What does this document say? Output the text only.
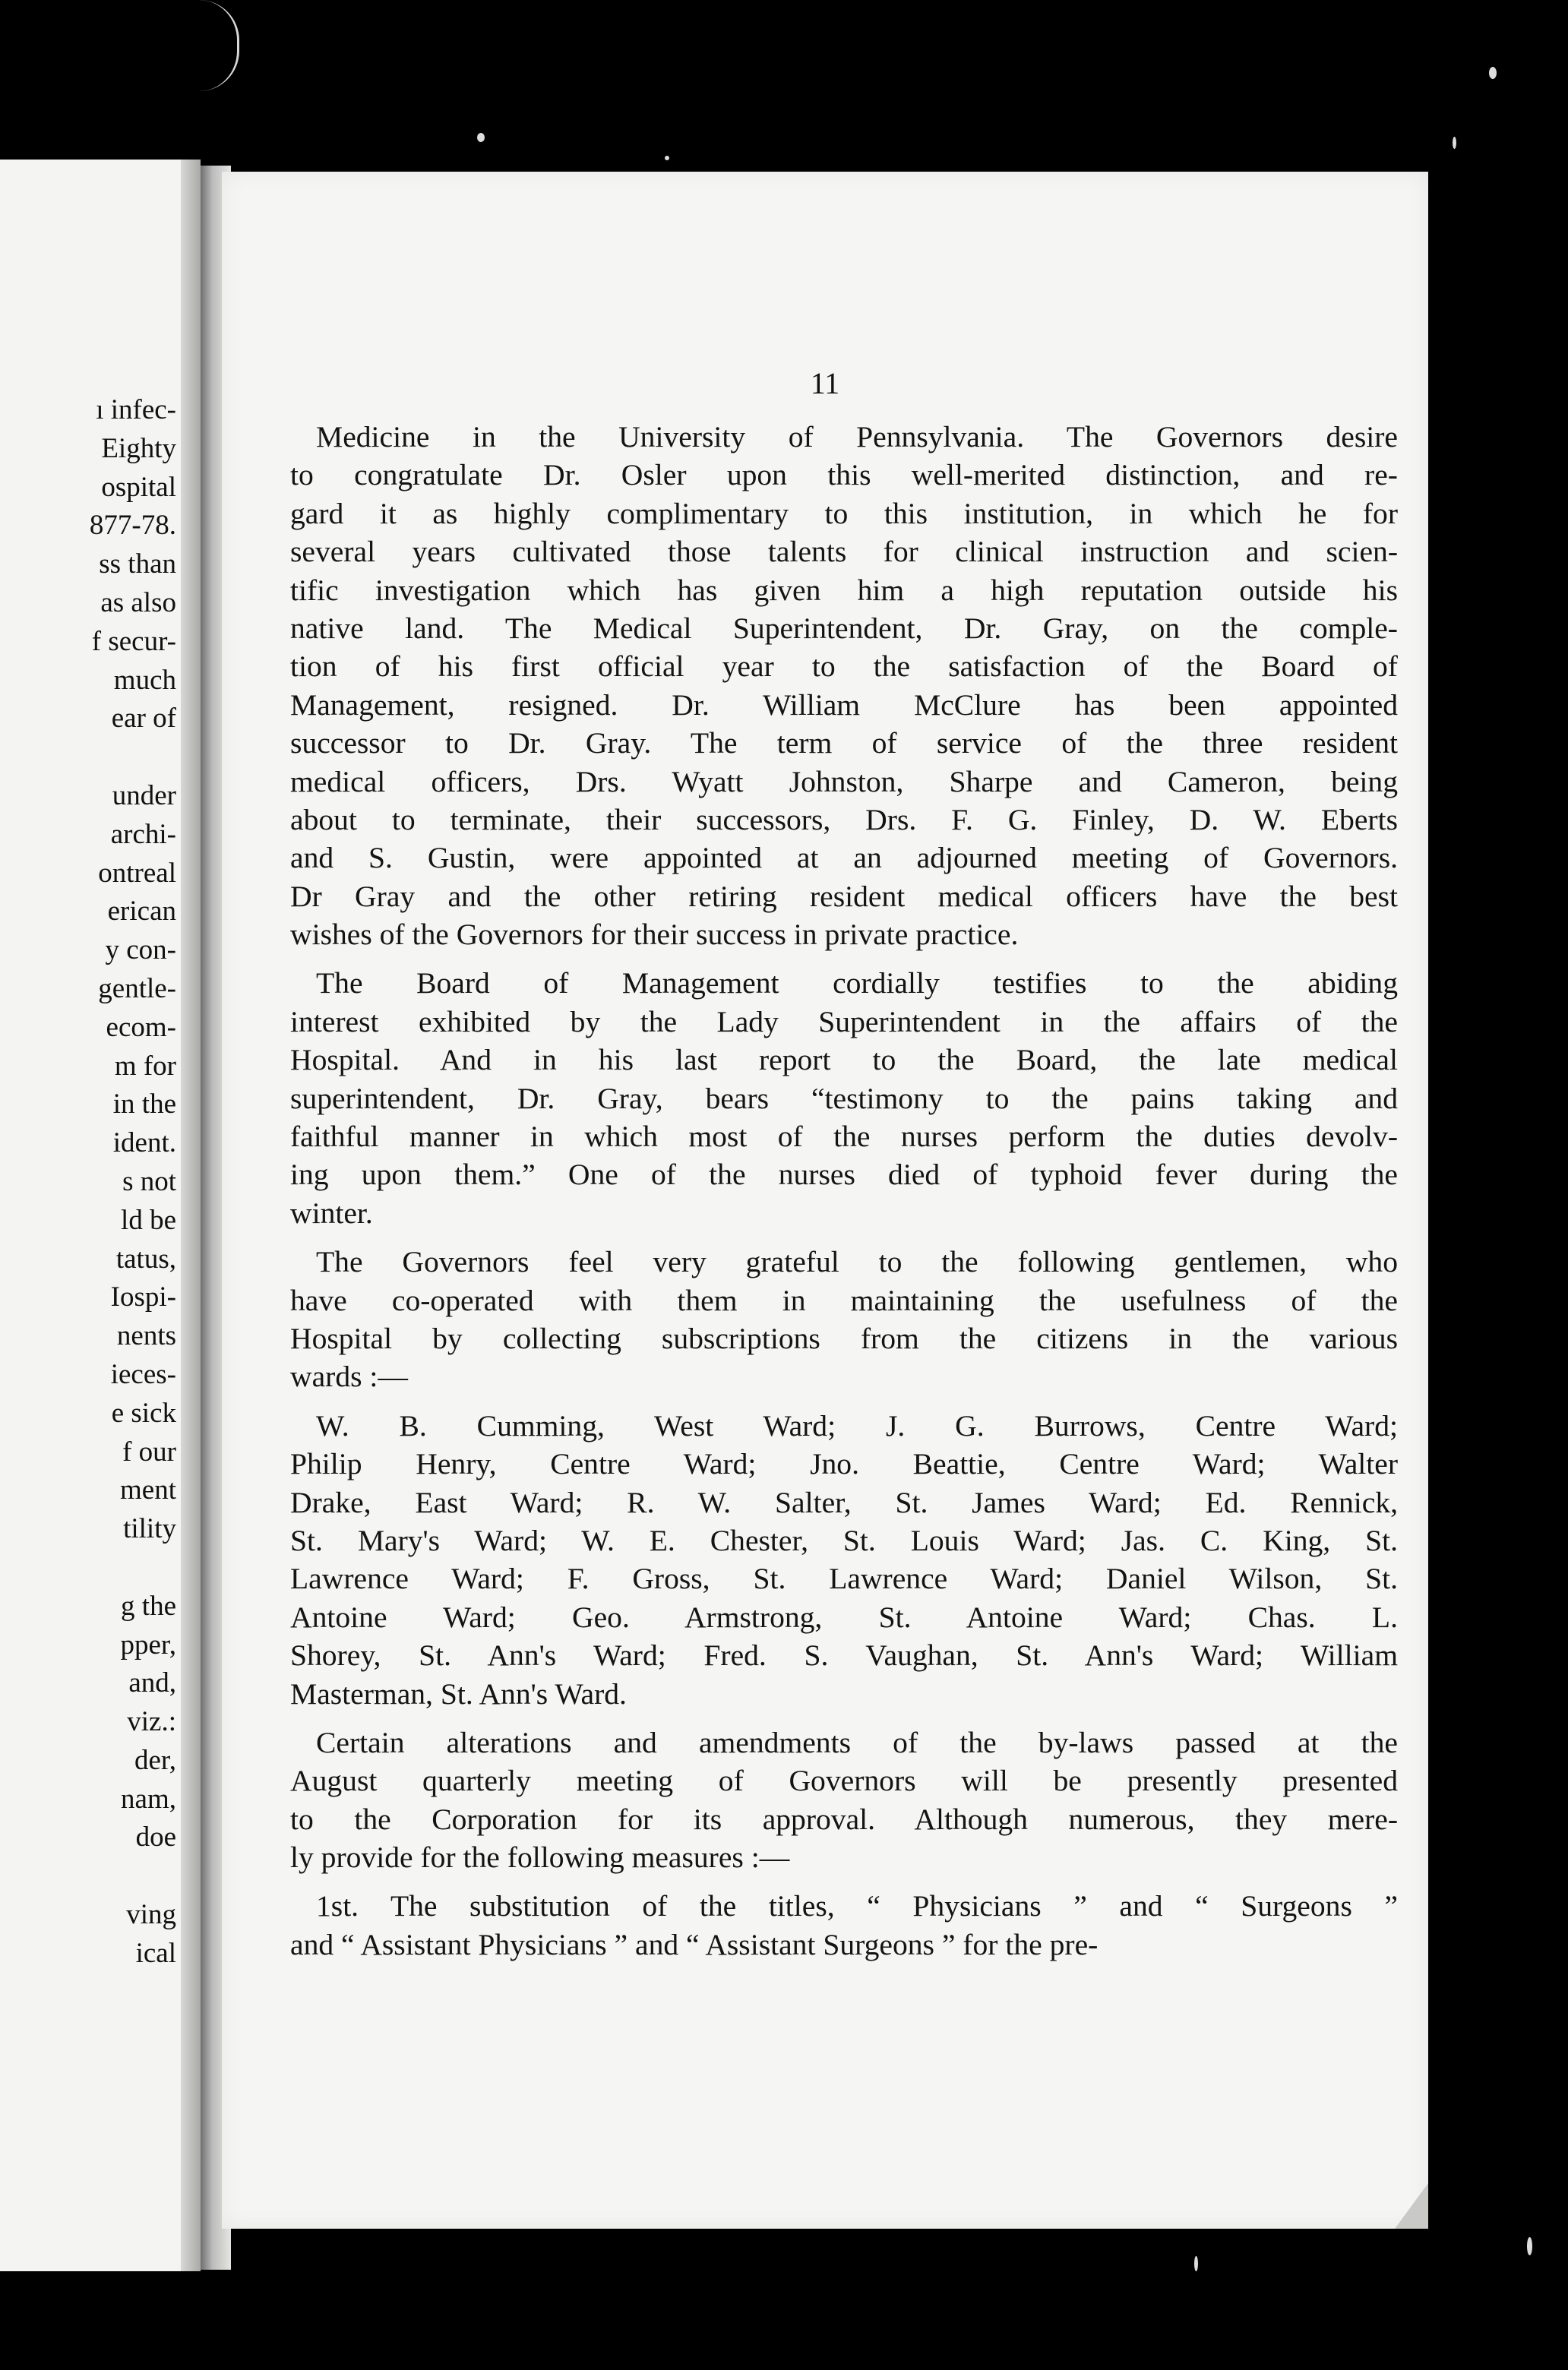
ı infec-
Eighty
ospital
877-78.
ss than
as also
f secur-
much
ear of
under
archi-
ontreal
erican
y con-
gentle-
ecom-
m for
in the
ident.
s not
ld be
tatus,
Iospi-
nents
ieces-
e sick
f our
ment
tility
g the
pper,
and,
viz.:
der,
nam,
doe
ving
ical
11
Medicine in the University of Pennsylvania. The Governors desire
to congratulate Dr. Osler upon this well-merited distinction, and re-
gard it as highly complimentary to this institution, in which he for
several years cultivated those talents for clinical instruction and scien-
tific investigation which has given him a high reputation outside his
native land. The Medical Superintendent, Dr. Gray, on the comple-
tion of his first official year to the satisfaction of the Board of
Management, resigned. Dr. William McClure has been appointed
successor to Dr. Gray. The term of service of the three resident
medical officers, Drs. Wyatt Johnston, Sharpe and Cameron, being
about to terminate, their successors, Drs. F. G. Finley, D. W. Eberts
and S. Gustin, were appointed at an adjourned meeting of Governors.
Dr Gray and the other retiring resident medical officers have the best
wishes of the Governors for their success in private practice.
The Board of Management cordially testifies to the abiding
interest exhibited by the Lady Superintendent in the affairs of the
Hospital. And in his last report to the Board, the late medical
superintendent, Dr. Gray, bears “testimony to the pains taking and
faithful manner in which most of the nurses perform the duties devolv-
ing upon them.” One of the nurses died of typhoid fever during the
winter.
The Governors feel very grateful to the following gentlemen, who
have co-operated with them in maintaining the usefulness of the
Hospital by collecting subscriptions from the citizens in the various
wards :—
W. B. Cumming, West Ward; J. G. Burrows, Centre Ward;
Philip Henry, Centre Ward; Jno. Beattie, Centre Ward; Walter
Drake, East Ward; R. W. Salter, St. James Ward; Ed. Rennick,
St. Mary's Ward; W. E. Chester, St. Louis Ward; Jas. C. King, St.
Lawrence Ward; F. Gross, St. Lawrence Ward; Daniel Wilson, St.
Antoine Ward; Geo. Armstrong, St. Antoine Ward; Chas. L.
Shorey, St. Ann's Ward; Fred. S. Vaughan, St. Ann's Ward; William
Masterman, St. Ann's Ward.
Certain alterations and amendments of the by-laws passed at the
August quarterly meeting of Governors will be presently presented
to the Corporation for its approval. Although numerous, they mere-
ly provide for the following measures :—
1st. The substitution of the titles, “ Physicians ” and “ Surgeons ”
and “ Assistant Physicians ” and “ Assistant Surgeons ” for the pre-
